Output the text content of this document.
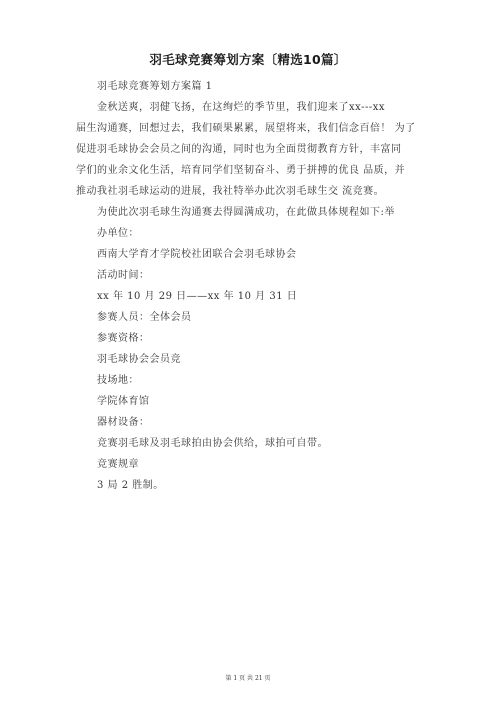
羽毛球竞赛筹划方案〔精选10篇〕
羽毛球竞赛筹划方案篇 1
金秋送爽，羽健飞扬，在这绚烂的季节里，我们迎来了xx---xx
届生沟通赛，回想过去，我们硕果累累，展望将来，我们信念百倍！ 为了
促进羽毛球协会会员之间的沟通，同时也为全面贯彻教育方针，丰富同
学们的业余文化生活，培育同学们坚韧奋斗、勇于拼搏的优良 品质，并
推动我社羽毛球运动的进展，我社特举办此次羽毛球生交 流竞赛。
为使此次羽毛球生沟通赛去得圆满成功，在此做具体规程如下:举
办单位：
西南大学育才学院校社团联合会羽毛球协会
活动时间：
xx 年 10 月 29 日——xx 年 10 月 31 日
参赛人员：全体会员
参赛资格：
羽毛球协会会员竞
技场地：
学院体育馆
器材设备：
竞赛羽毛球及羽毛球拍由协会供给，球拍可自带。
竞赛规章
3 局 2 胜制。
第 1 页 共 21 页
